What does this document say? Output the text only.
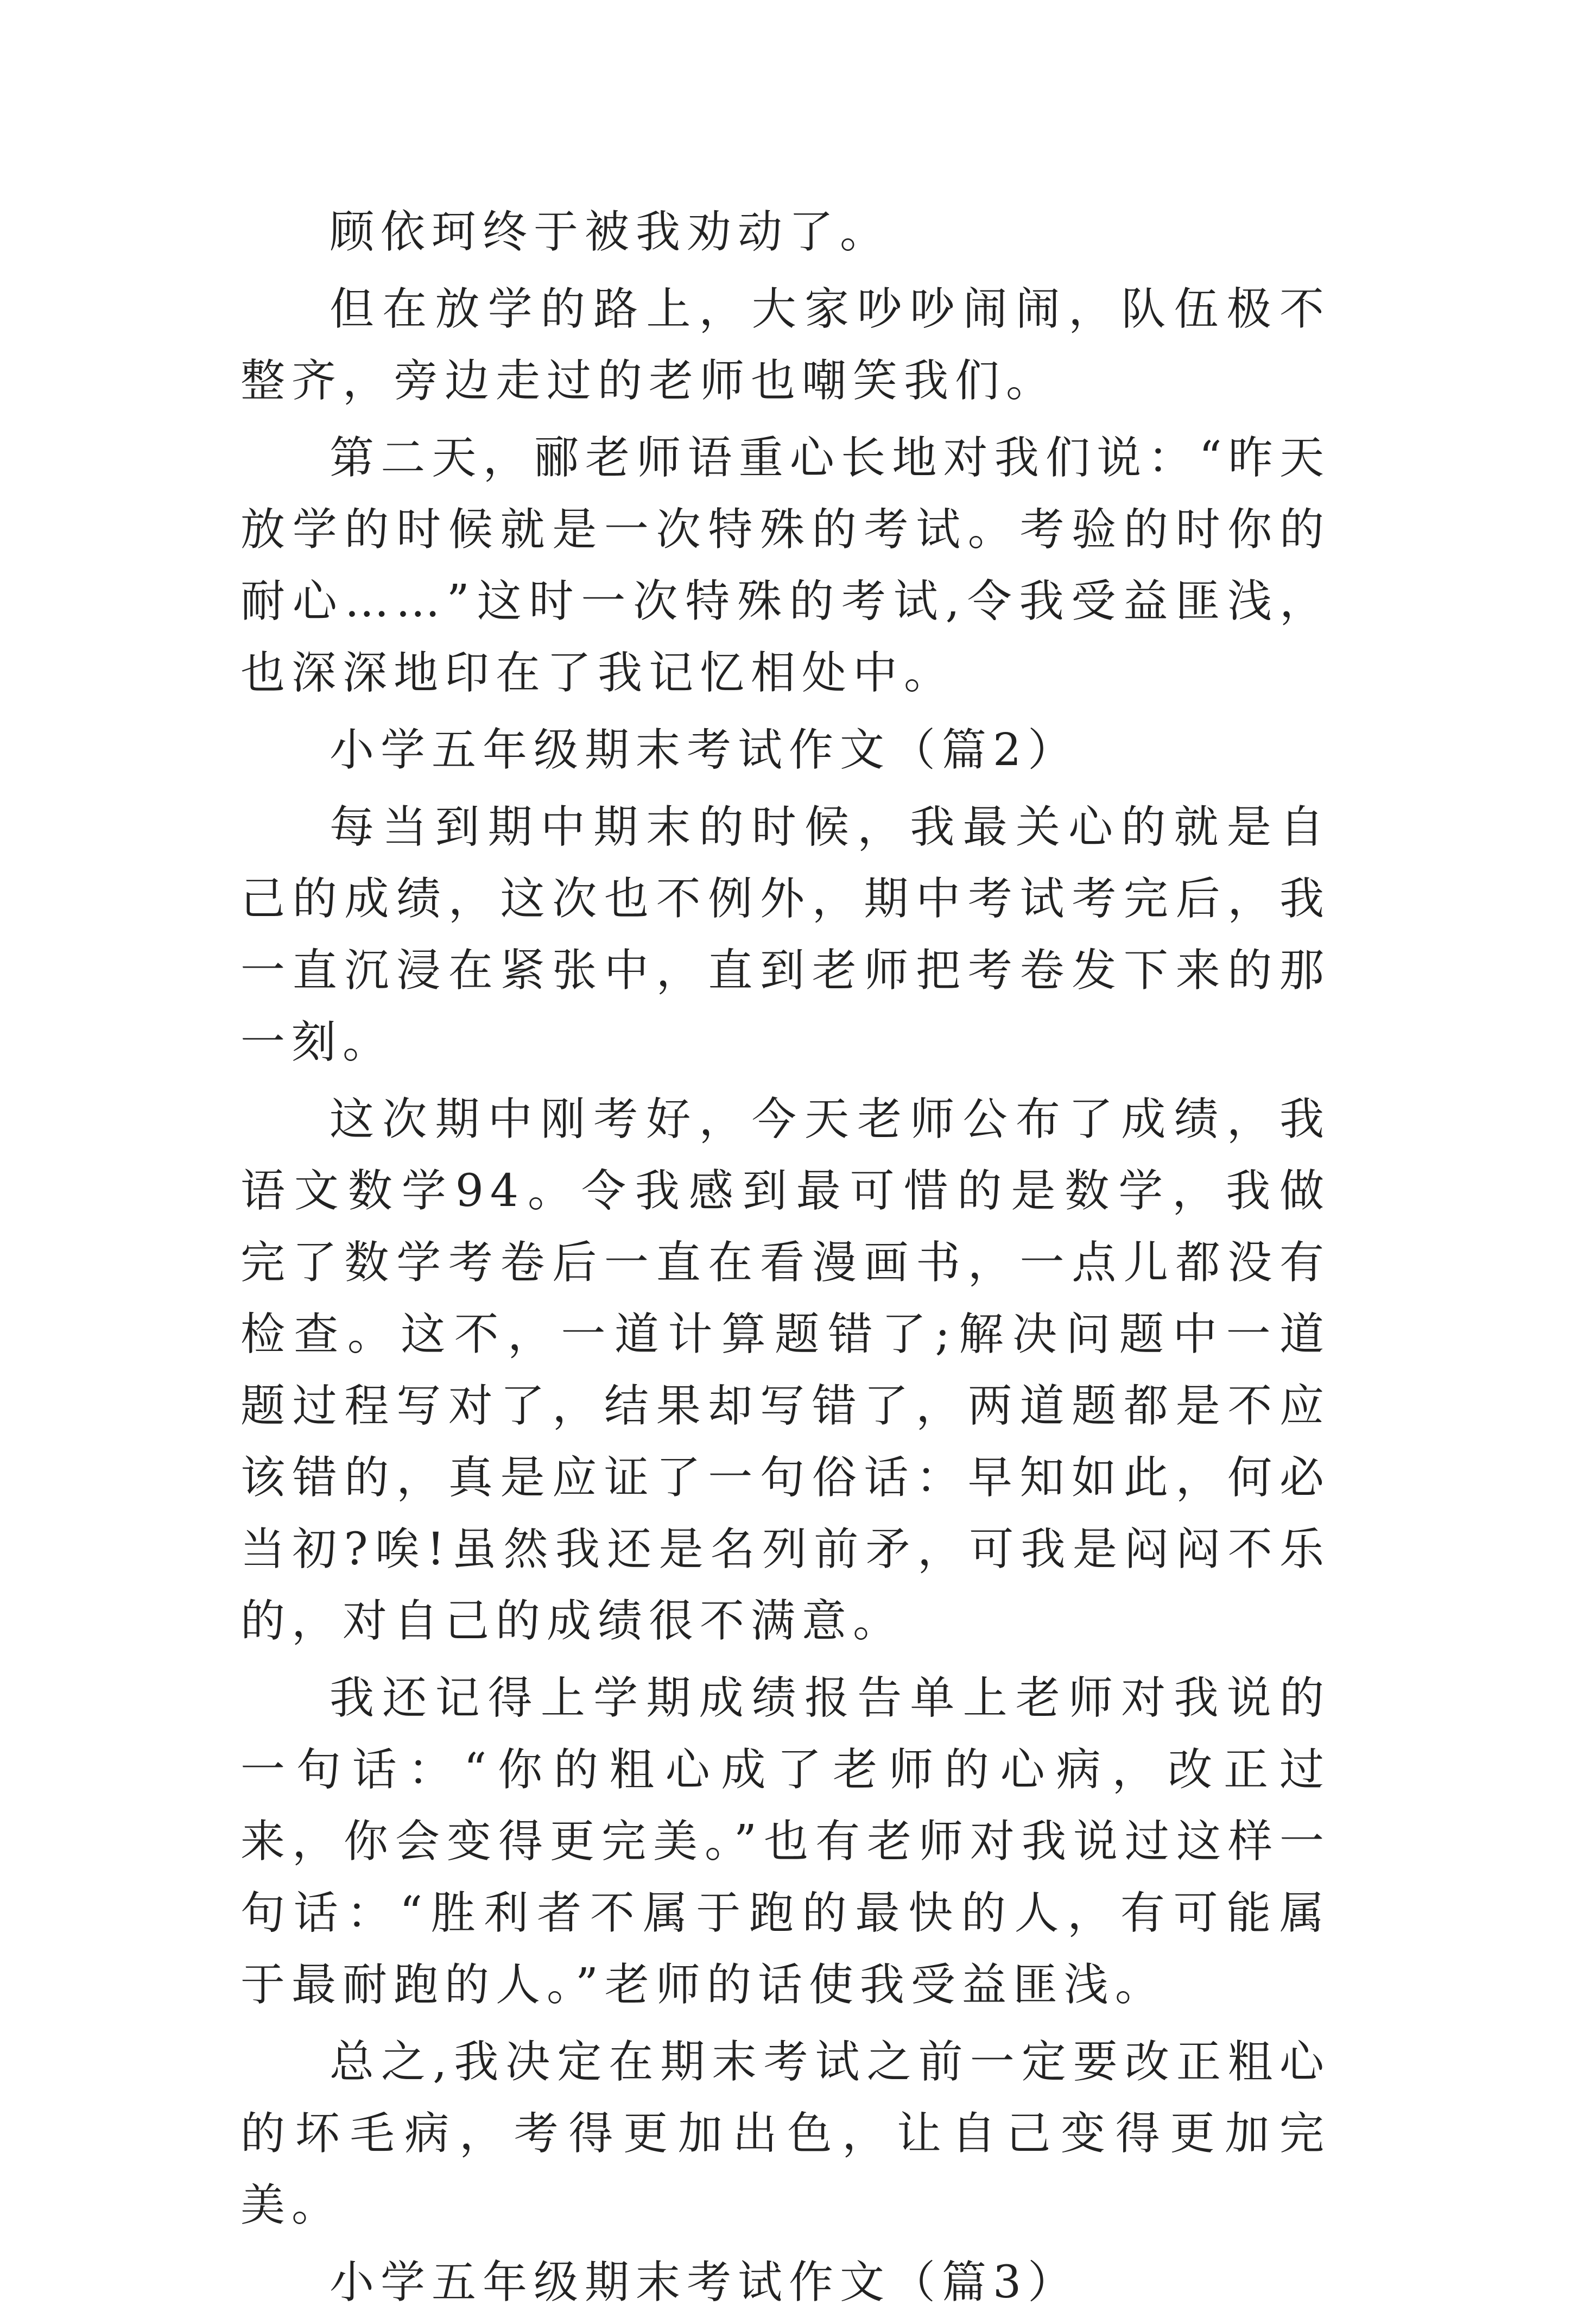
顾依珂终于被我劝动了。

但在放学的路上，大家吵吵闹闹，队伍极不整齐，旁边走过的老师也嘲笑我们。

第二天，郦老师语重心长地对我们说：“昨天放学的时候就是一次特殊的考试。考验的时你的耐心……”这时一次特殊的考试,令我受益匪浅，也深深地印在了我记忆相处中。

小学五年级期末考试作文（篇2）

每当到期中期末的时候，我最关心的就是自己的成绩，这次也不例外，期中考试考完后，我一直沉浸在紧张中，直到老师把考卷发下来的那一刻。

这次期中刚考好，今天老师公布了成绩，我语文数学94。令我感到最可惜的是数学，我做完了数学考卷后一直在看漫画书，一点儿都没有检查。这不，一道计算题错了;解决问题中一道题过程写对了，结果却写错了，两道题都是不应该错的，真是应证了一句俗话：早知如此，何必当初?唉!虽然我还是名列前矛，可我是闷闷不乐的，对自己的成绩很不满意。

我还记得上学期成绩报告单上老师对我说的一句话：“你的粗心成了老师的心病，改正过来，你会变得更完美。”也有老师对我说过这样一句话：“胜利者不属于跑的最快的人，有可能属于最耐跑的人。”老师的话使我受益匪浅。

总之,我决定在期末考试之前一定要改正粗心的坏毛病，考得更加出色，让自己变得更加完美。

小学五年级期末考试作文（篇3）
